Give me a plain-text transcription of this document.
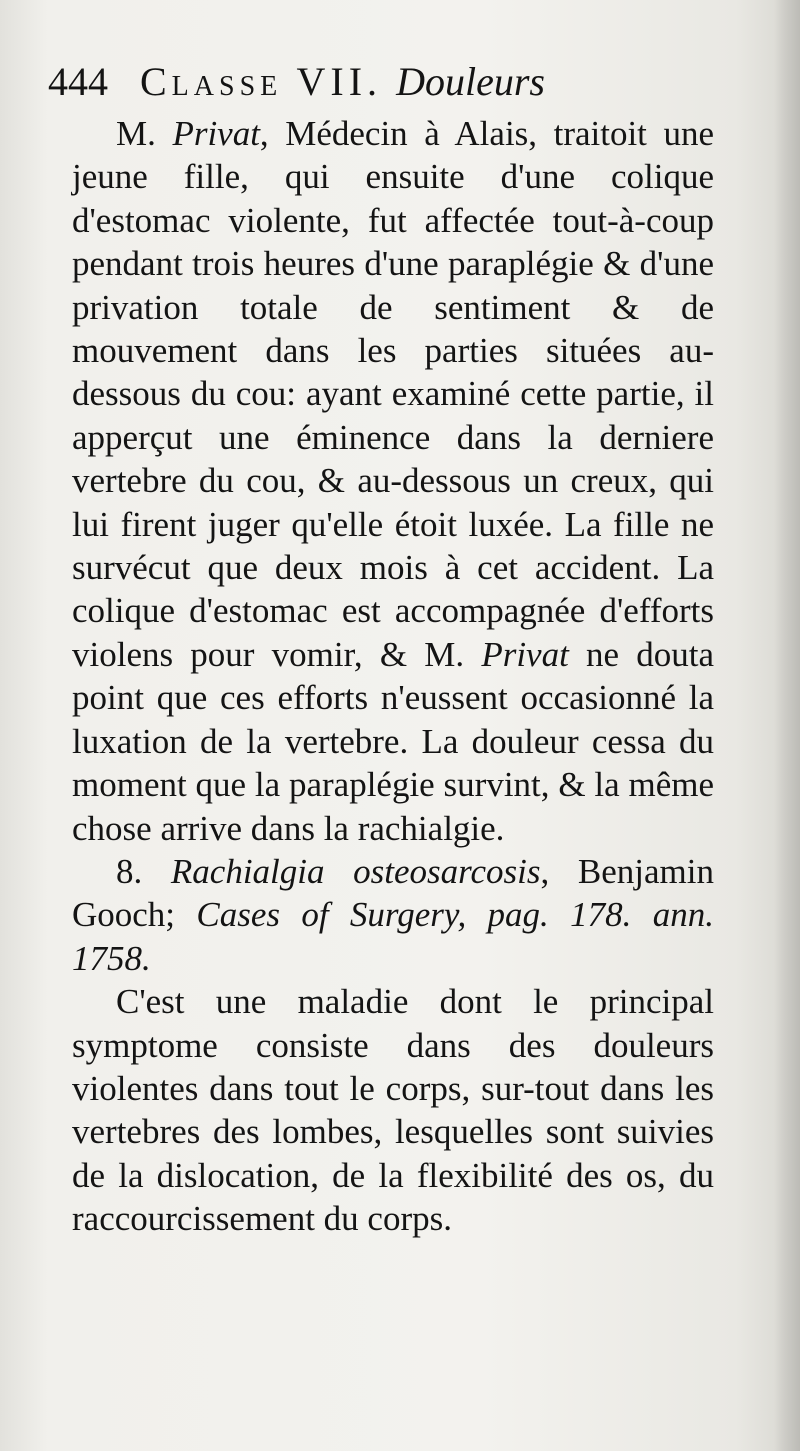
444 Classe VII. Douleurs

M. Privat, Médecin à Alais, traitoit une jeune fille, qui ensuite d'une colique d'estomac violente, fut affectée tout-à-coup pendant trois heures d'une paraplégie & d'une privation totale de sentiment & de mouvement dans les parties situées au-dessous du cou: ayant examiné cette partie, il apperçut une éminence dans la derniere vertebre du cou, & au-dessous un creux, qui lui firent juger qu'elle étoit luxée. La fille ne survécut que deux mois à cet accident. La colique d'estomac est accompagnée d'efforts violens pour vomir, & M. Privat ne douta point que ces efforts n'eussent occasionné la luxation de la vertebre. La douleur cessa du moment que la paraplégie survint, & la même chose arrive dans la rachialgie.

8. Rachialgia osteosarcosis, Benjamin Gooch; Cases of Surgery, pag. 178. ann. 1758.

C'est une maladie dont le principal symptome consiste dans des douleurs violentes dans tout le corps, sur-tout dans les vertebres des lombes, lesquelles sont suivies de la dislocation, de la flexibilité des os, du raccourcissement du corps.
